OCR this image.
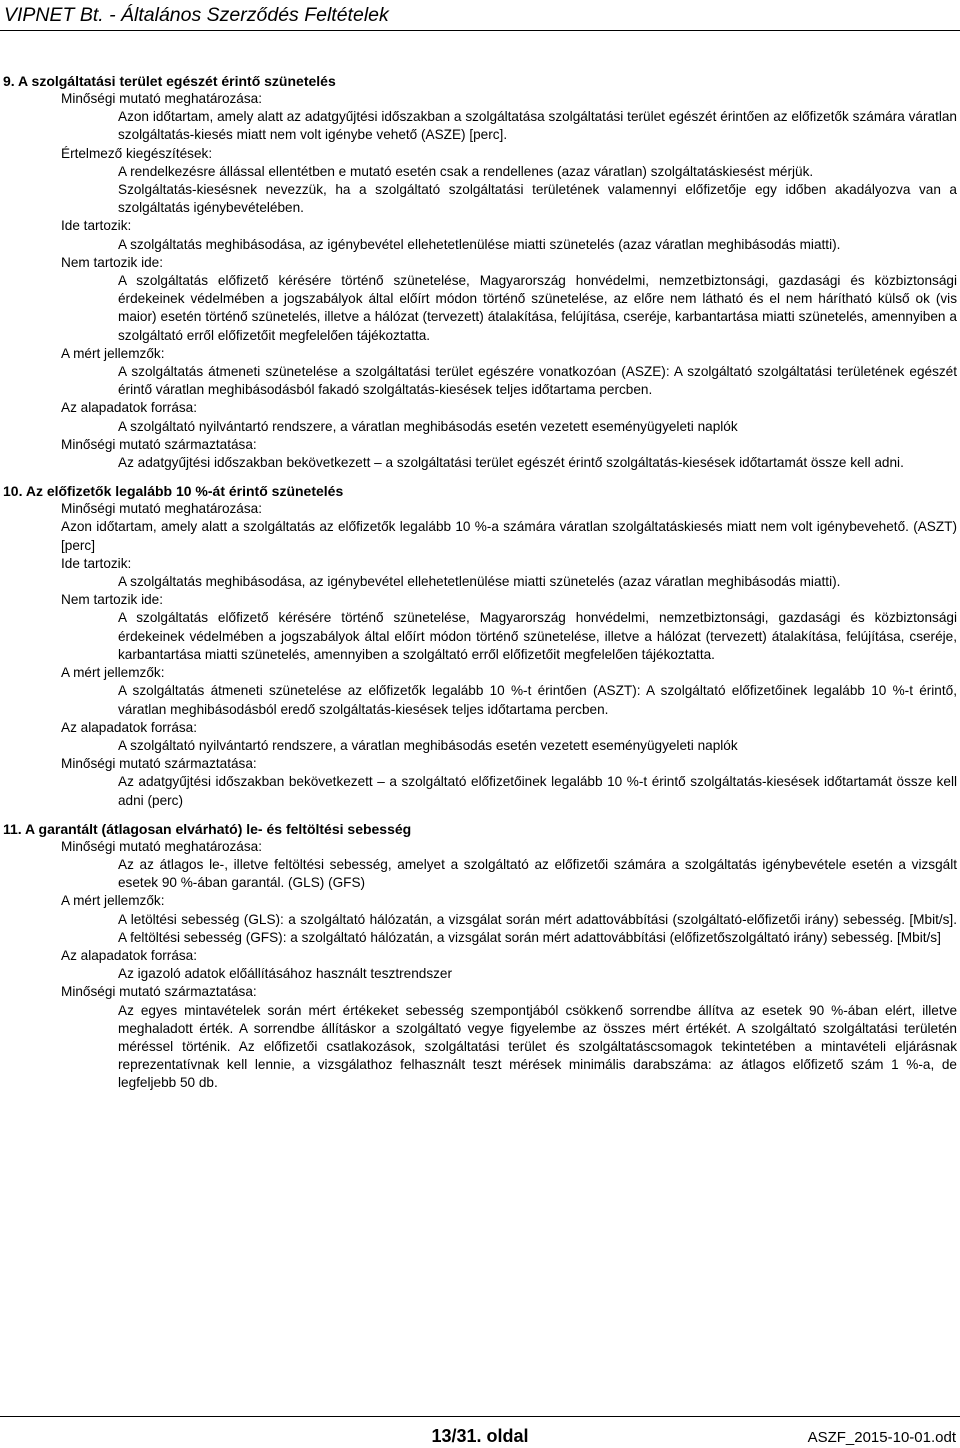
VIPNET Bt. - Általános Szerződés Feltételek
9. A szolgáltatási terület egészét érintő szünetelés
Minőségi mutató meghatározása:
Azon időtartam, amely alatt az adatgyűjtési időszakban a szolgáltatása szolgáltatási terület egészét érintően az előfizetők számára váratlan szolgáltatás-kiesés miatt nem volt igénybe vehető (ASZE) [perc].
Értelmező kiegészítések:
A rendelkezésre állással ellentétben e mutató esetén csak a rendellenes (azaz váratlan) szolgáltatáskiesést mérjük.
Szolgáltatás-kiesésnek nevezzük, ha a szolgáltató szolgáltatási területének valamennyi előfizetője egy időben akadályozva van a szolgáltatás igénybevételében.
Ide tartozik:
A szolgáltatás meghibásodása, az igénybevétel ellehetetlenülése miatti szünetelés (azaz váratlan meghibásodás miatti).
Nem tartozik ide:
A szolgáltatás előfizető kérésére történő szünetelése, Magyarország honvédelmi, nemzetbiztonsági, gazdasági és közbiztonsági érdekeinek védelmében a jogszabályok által előírt módon történő szünetelése, az előre nem látható és el nem hárítható külső ok (vis maior) esetén történő szünetelés, illetve a hálózat (tervezett) átalakítása, felújítása, cseréje, karbantartása miatti szünetelés, amennyiben a szolgáltató erről előfizetőit megfelelően tájékoztatta.
A mért jellemzők:
A szolgáltatás átmeneti szünetelése a szolgáltatási terület egészére vonatkozóan (ASZE): A szolgáltató szolgáltatási területének egészét érintő váratlan meghibásodásból fakadó szolgáltatás-kiesések teljes időtartama percben.
Az alapadatok forrása:
A szolgáltató nyilvántartó rendszere, a váratlan meghibásodás esetén vezetett eseményügyeleti naplók
Minőségi mutató származtatása:
Az adatgyűjtési időszakban bekövetkezett – a szolgáltatási terület egészét érintő szolgáltatás-kiesések időtartamát össze kell adni.
10. Az előfizetők legalább 10 %-át érintő szünetelés
Minőségi mutató meghatározása:
Azon időtartam, amely alatt a szolgáltatás az előfizetők legalább 10 %-a számára váratlan szolgáltatáskiesés miatt nem volt igénybevehető. (ASZT) [perc]
Ide tartozik:
A szolgáltatás meghibásodása, az igénybevétel ellehetetlenülése miatti szünetelés (azaz váratlan meghibásodás miatti).
Nem tartozik ide:
A szolgáltatás előfizető kérésére történő szünetelése, Magyarország honvédelmi, nemzetbiztonsági, gazdasági és közbiztonsági érdekeinek védelmében a jogszabályok által előírt módon történő szünetelése, illetve a hálózat (tervezett) átalakítása, felújítása, cseréje, karbantartása miatti szünetelés, amennyiben a szolgáltató erről előfizetőit megfelelően tájékoztatta.
A mért jellemzők:
A szolgáltatás átmeneti szünetelése az előfizetők legalább 10 %-t érintően (ASZT): A szolgáltató előfizetőinek legalább 10 %-t érintő, váratlan meghibásodásból eredő szolgáltatás-kiesések teljes időtartama percben.
Az alapadatok forrása:
A szolgáltató nyilvántartó rendszere, a váratlan meghibásodás esetén vezetett eseményügyeleti naplók
Minőségi mutató származtatása:
Az adatgyűjtési időszakban bekövetkezett – a szolgáltató előfizetőinek legalább 10 %-t érintő szolgáltatás-kiesések időtartamát össze kell adni (perc)
11. A garantált (átlagosan elvárható) le- és feltöltési sebesség
Minőségi mutató meghatározása:
Az az átlagos le-, illetve feltöltési sebesség, amelyet a szolgáltató az előfizetői számára a szolgáltatás igénybevétele esetén a vizsgált esetek 90 %-ában garantál. (GLS) (GFS)
A mért jellemzők:
A letöltési sebesség (GLS): a szolgáltató hálózatán, a vizsgálat során mért adattovábbítási (szolgáltató-előfizetői irány) sebesség. [Mbit/s]. A feltöltési sebesség (GFS): a szolgáltató hálózatán, a vizsgálat során mért adattovábbítási (előfizetőszolgáltató irány) sebesség. [Mbit/s]
Az alapadatok forrása:
Az igazoló adatok előállításához használt tesztrendszer
Minőségi mutató származtatása:
Az egyes mintavételek során mért értékeket sebesség szempontjából csökkenő sorrendbe állítva az esetek 90 %-ában elért, illetve meghaladott érték. A sorrendbe állításkor a szolgáltató vegye figyelembe az összes mért értékét. A szolgáltató szolgáltatási területén méréssel történik. Az előfizetői csatlakozások, szolgáltatási terület és szolgáltatáscsomagok tekintetében a mintavételi eljárásnak reprezentatívnak kell lennie, a vizsgálathoz felhasznált teszt mérések minimális darabszáma: az átlagos előfizető szám 1 %-a, de legfeljebb 50 db.
13/31. oldal	ASZF_2015-10-01.odt
